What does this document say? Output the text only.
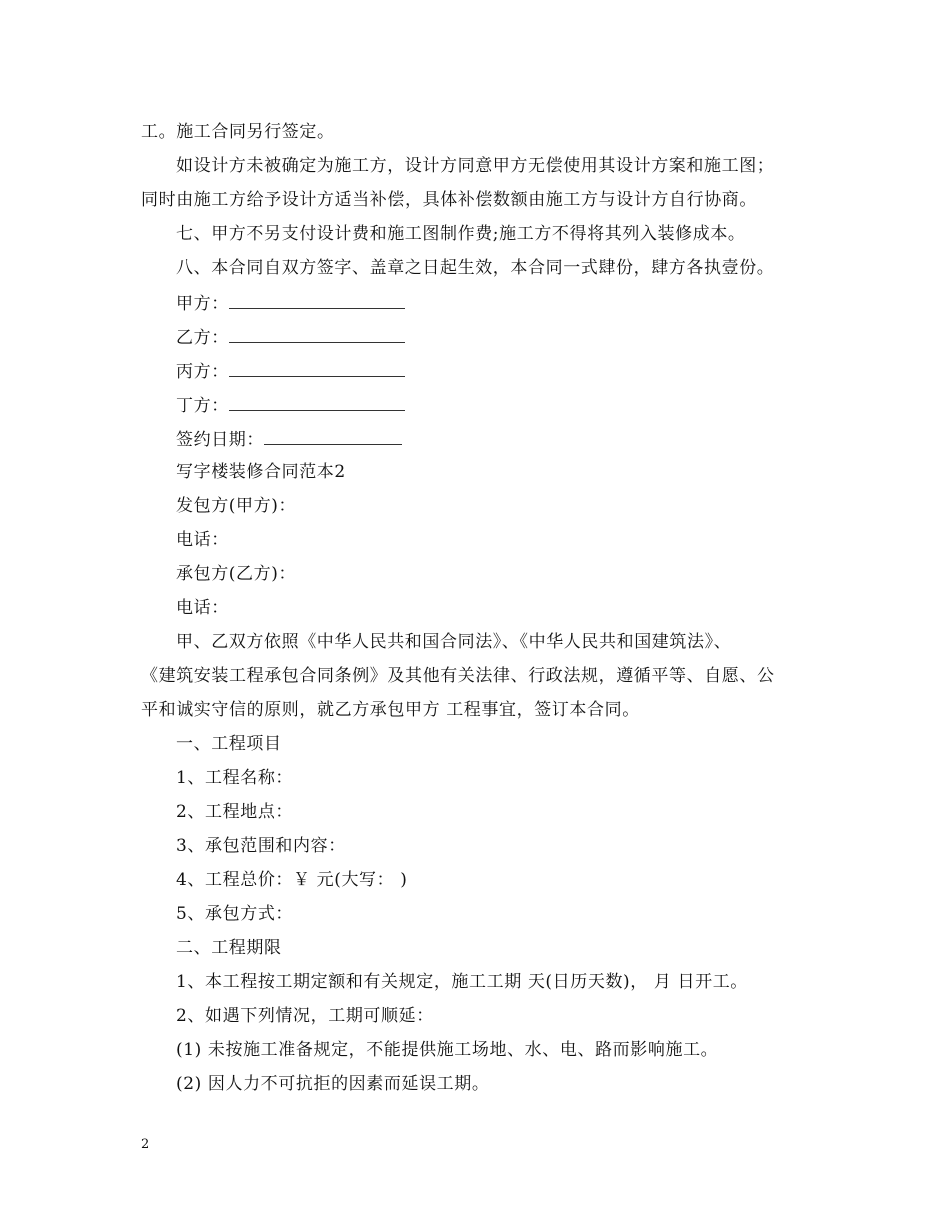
工。施工合同另行签定。
如设计方未被确定为施工方，设计方同意甲方无偿使用其设计方案和施工图；
同时由施工方给予设计方适当补偿，具体补偿数额由施工方与设计方自行协商。
七、甲方不另支付设计费和施工图制作费;施工方不得将其列入装修成本。
八、本合同自双方签字、盖章之日起生效，本合同一式肆份，肆方各执壹份。
甲方：
乙方：
丙方：
丁方：
签约日期：
写字楼装修合同范本2
发包方(甲方)：
电话：
承包方(乙方)：
电话：
甲、乙双方依照《中华人民共和国合同法》、《中华人民共和国建筑法》、
《建筑安装工程承包合同条例》及其他有关法律、行政法规，遵循平等、自愿、公
平和诚实守信的原则，就乙方承包甲方 工程事宜，签订本合同。
一、工程项目
1、工程名称：
2、工程地点：
3、承包范围和内容：
4、工程总价：￥ 元(大写： )
5、承包方式：
二、工程期限
1、本工程按工期定额和有关规定，施工工期 天(日历天数)， 月 日开工。
2、如遇下列情况，工期可顺延：
(1) 未按施工准备规定，不能提供施工场地、水、电、路而影响施工。
(2) 因人力不可抗拒的因素而延误工期。
2
